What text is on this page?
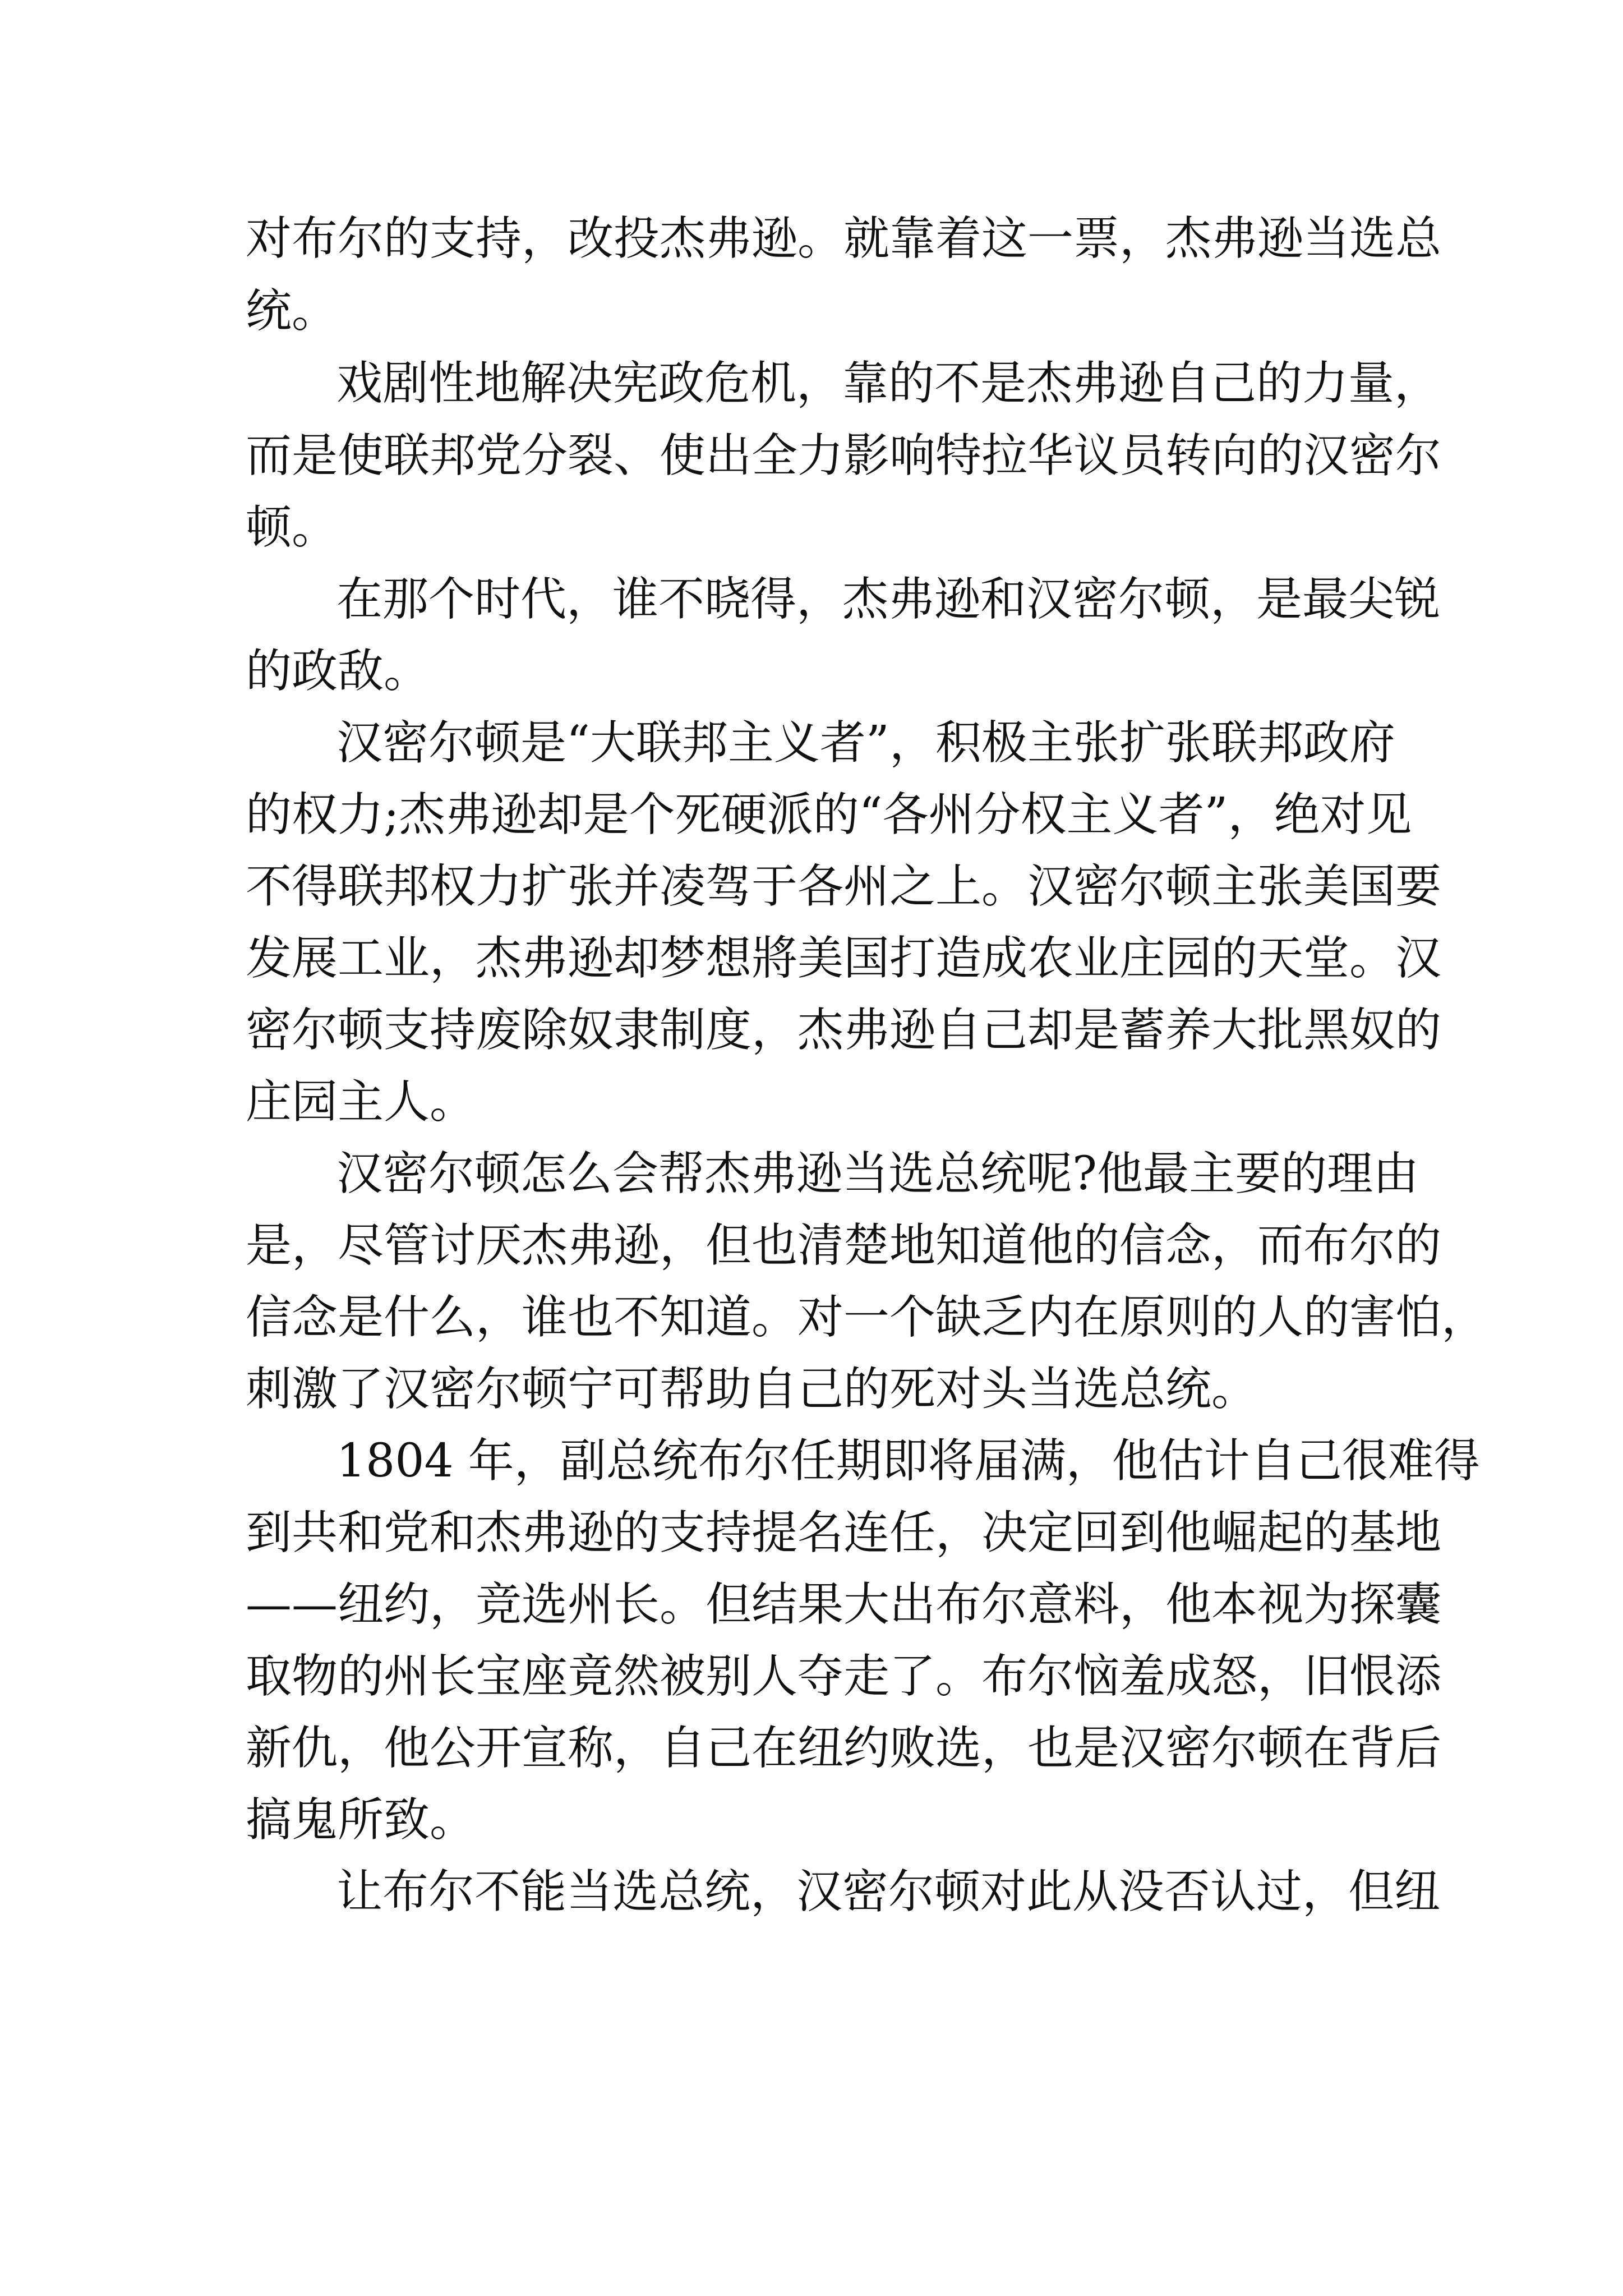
对布尔的支持，改投杰弗逊。就靠着这一票，杰弗逊当选总
统。
戏剧性地解决宪政危机，靠的不是杰弗逊自己的力量，
而是使联邦党分裂、使出全力影响特拉华议员转向的汉密尔
顿。
在那个时代，谁不晓得，杰弗逊和汉密尔顿，是最尖锐
的政敌。
汉密尔顿是“大联邦主义者”，积极主张扩张联邦政府
的权力;杰弗逊却是个死硬派的“各州分权主义者”，绝对见
不得联邦权力扩张并凌驾于各州之上。汉密尔顿主张美国要
发展工业，杰弗逊却梦想將美国打造成农业庄园的天堂。汉
密尔顿支持废除奴隶制度，杰弗逊自己却是蓄养大批黑奴的
庄园主人。
汉密尔顿怎么会帮杰弗逊当选总统呢?他最主要的理由
是，尽管讨厌杰弗逊，但也清楚地知道他的信念，而布尔的
信念是什么，谁也不知道。对一个缺乏内在原则的人的害怕，
刺激了汉密尔顿宁可帮助自己的死对头当选总统。
1804 年，副总统布尔任期即将届满，他估计自己很难得
到共和党和杰弗逊的支持提名连任，决定回到他崛起的基地
——纽约，竞选州长。但结果大出布尔意料，他本视为探囊
取物的州长宝座竟然被别人夺走了。布尔恼羞成怒，旧恨添
新仇，他公开宣称，自己在纽约败选，也是汉密尔顿在背后
搞鬼所致。
让布尔不能当选总统，汉密尔顿对此从没否认过，但纽
